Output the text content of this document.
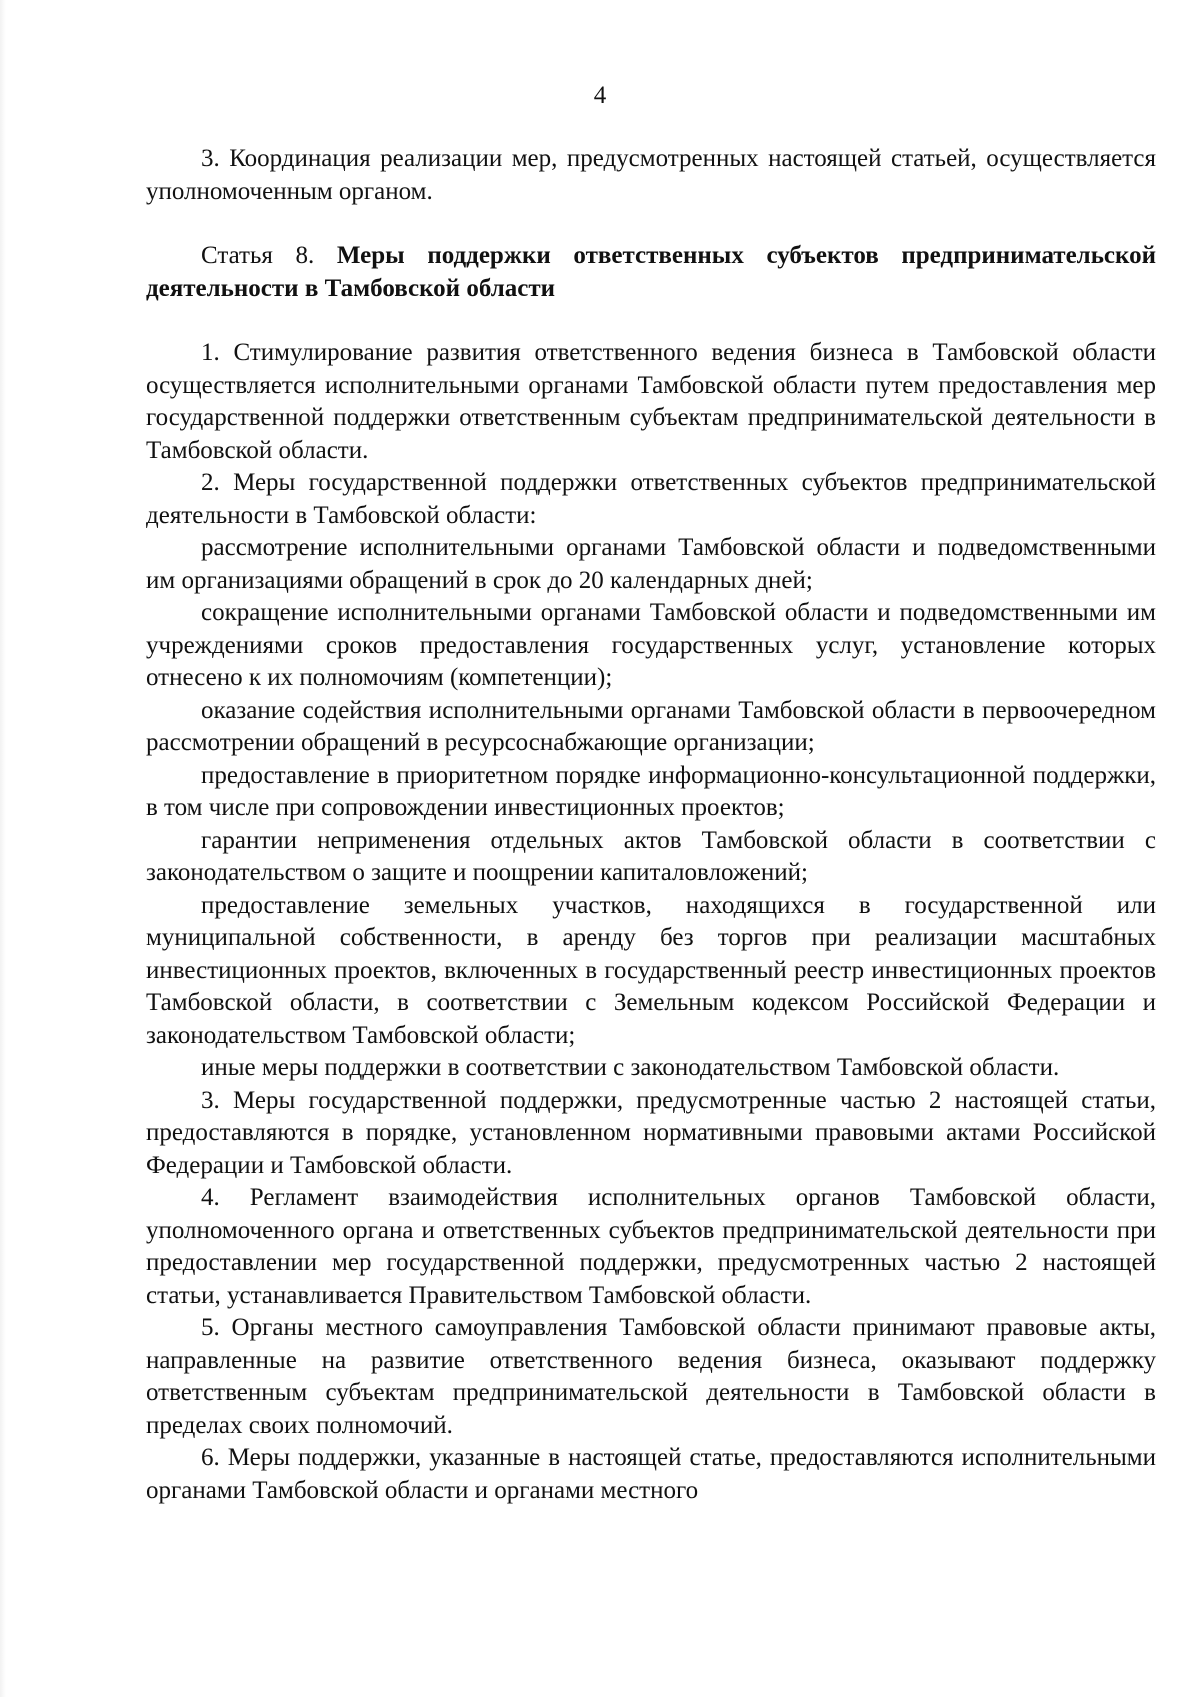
4

3. Координация реализации мер, предусмотренных настоящей статьей, осуществляется уполномоченным органом.

Статья 8. Меры поддержки ответственных субъектов предпринимательской деятельности в Тамбовской области

1. Стимулирование развития ответственного ведения бизнеса в Тамбовской области осуществляется исполнительными органами Тамбовской области путем предоставления мер государственной поддержки ответственным субъектам предпринимательской деятельности в Тамбовской области.

2. Меры государственной поддержки ответственных субъектов предпринимательской деятельности в Тамбовской области:

рассмотрение исполнительными органами Тамбовской области и подведомственными им организациями обращений в срок до 20 календарных дней;

сокращение исполнительными органами Тамбовской области и подведомственными им учреждениями сроков предоставления государственных услуг, установление которых отнесено к их полномочиям (компетенции);

оказание содействия исполнительными органами Тамбовской области в первоочередном рассмотрении обращений в ресурсоснабжающие организации;

предоставление в приоритетном порядке информационно-консультационной поддержки, в том числе при сопровождении инвестиционных проектов;

гарантии неприменения отдельных актов Тамбовской области в соответствии с законодательством о защите и поощрении капиталовложений;

предоставление земельных участков, находящихся в государственной или муниципальной собственности, в аренду без торгов при реализации масштабных инвестиционных проектов, включенных в государственный реестр инвестиционных проектов Тамбовской области, в соответствии с Земельным кодексом Российской Федерации и законодательством Тамбовской области;

иные меры поддержки в соответствии с законодательством Тамбовской области.

3. Меры государственной поддержки, предусмотренные частью 2 настоящей статьи, предоставляются в порядке, установленном нормативными правовыми актами Российской Федерации и Тамбовской области.

4. Регламент взаимодействия исполнительных органов Тамбовской области, уполномоченного органа и ответственных субъектов предпринимательской деятельности при предоставлении мер государственной поддержки, предусмотренных частью 2 настоящей статьи, устанавливается Правительством Тамбовской области.

5. Органы местного самоуправления Тамбовской области принимают правовые акты, направленные на развитие ответственного ведения бизнеса, оказывают поддержку ответственным субъектам предпринимательской деятельности в Тамбовской области в пределах своих полномочий.

6. Меры поддержки, указанные в настоящей статье, предоставляются исполнительными органами Тамбовской области и органами местного
